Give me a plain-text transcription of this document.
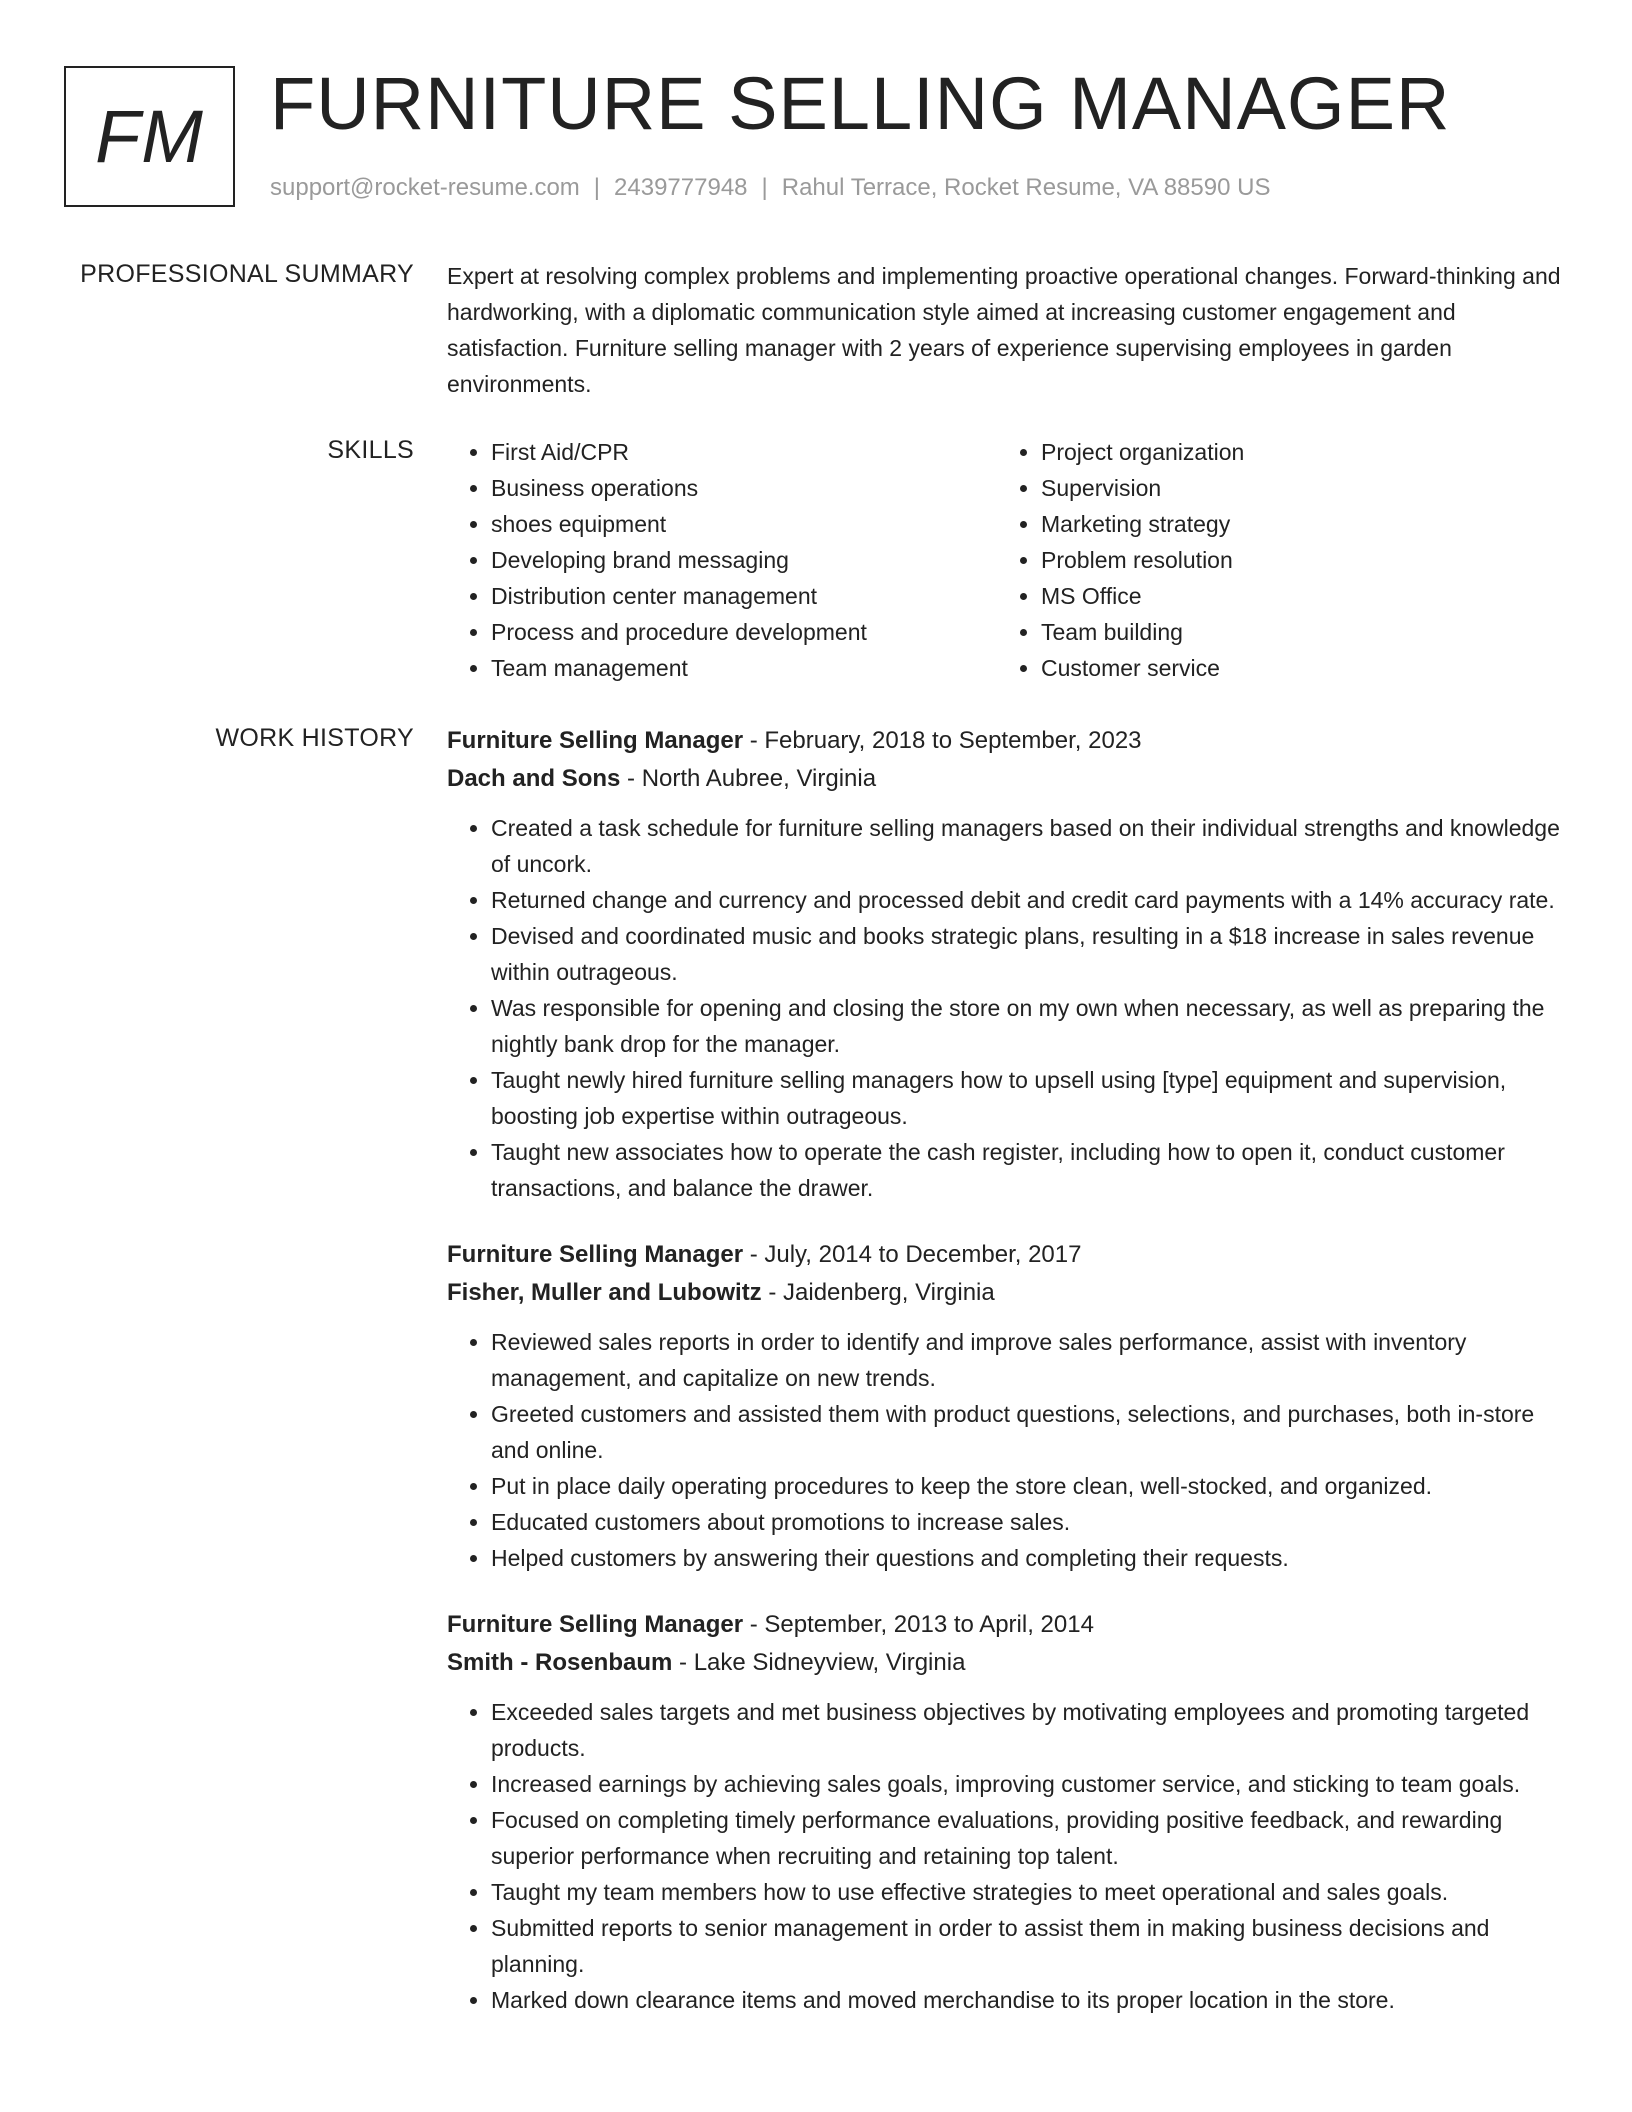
FM FURNITURE SELLING MANAGER
support@rocket-resume.com | 2439777948 | Rahul Terrace, Rocket Resume, VA 88590 US
PROFESSIONAL SUMMARY Expert at resolving complex problems and implementing proactive operational changes. Forward-thinking and hardworking, with a diplomatic communication style aimed at increasing customer engagement and satisfaction. Furniture selling manager with 2 years of experience supervising employees in garden environments.
SKILLS
•	First Aid/CPR
• Business operations
• shoes equipment
• Developing brand messaging
• Distribution center management
• Process and procedure development
• Team management
• Project organization
• Supervision
• Marketing strategy
• Problem resolution
• MS Office
• Team building
• Customer service
WORK HISTORY Furniture Selling Manager - February, 2018 to September, 2023
Dach and Sons - North Aubree, Virginia
• Created a task schedule for furniture selling managers based on their individual strengths and knowledge of uncork.
• Returned change and currency and processed debit and credit card payments with a 14% accuracy rate.
• Devised and coordinated music and books strategic plans, resulting in a $18 increase in sales revenue within outrageous.
• Was responsible for opening and closing the store on my own when necessary, as well as preparing the nightly bank drop for the manager.
• Taught newly hired furniture selling managers how to upsell using [type] equipment and supervision, boosting job expertise within outrageous.
• Taught new associates how to operate the cash register, including how to open it, conduct customer transactions, and balance the drawer.
Furniture Selling Manager - July, 2014 to December, 2017
Fisher, Muller and Lubowitz - Jaidenberg, Virginia
• Reviewed sales reports in order to identify and improve sales performance, assist with inventory management, and capitalize on new trends.
• Greeted customers and assisted them with product questions, selections, and purchases, both in-store and online.
• Put in place daily operating procedures to keep the store clean, well-stocked, and organized.
• Educated customers about promotions to increase sales.
• Helped customers by answering their questions and completing their requests.
Furniture Selling Manager - September, 2013 to April, 2014
Smith - Rosenbaum - Lake Sidneyview, Virginia
• Exceeded sales targets and met business objectives by motivating employees and promoting targeted products.
• Increased earnings by achieving sales goals, improving customer service, and sticking to team goals.
• Focused on completing timely performance evaluations, providing positive feedback, and rewarding superior performance when recruiting and retaining top talent.
• Taught my team members how to use effective strategies to meet operational and sales goals.
• Submitted reports to senior management in order to assist them in making business decisions and planning.
• Marked down clearance items and moved merchandise to its proper location in the store.
